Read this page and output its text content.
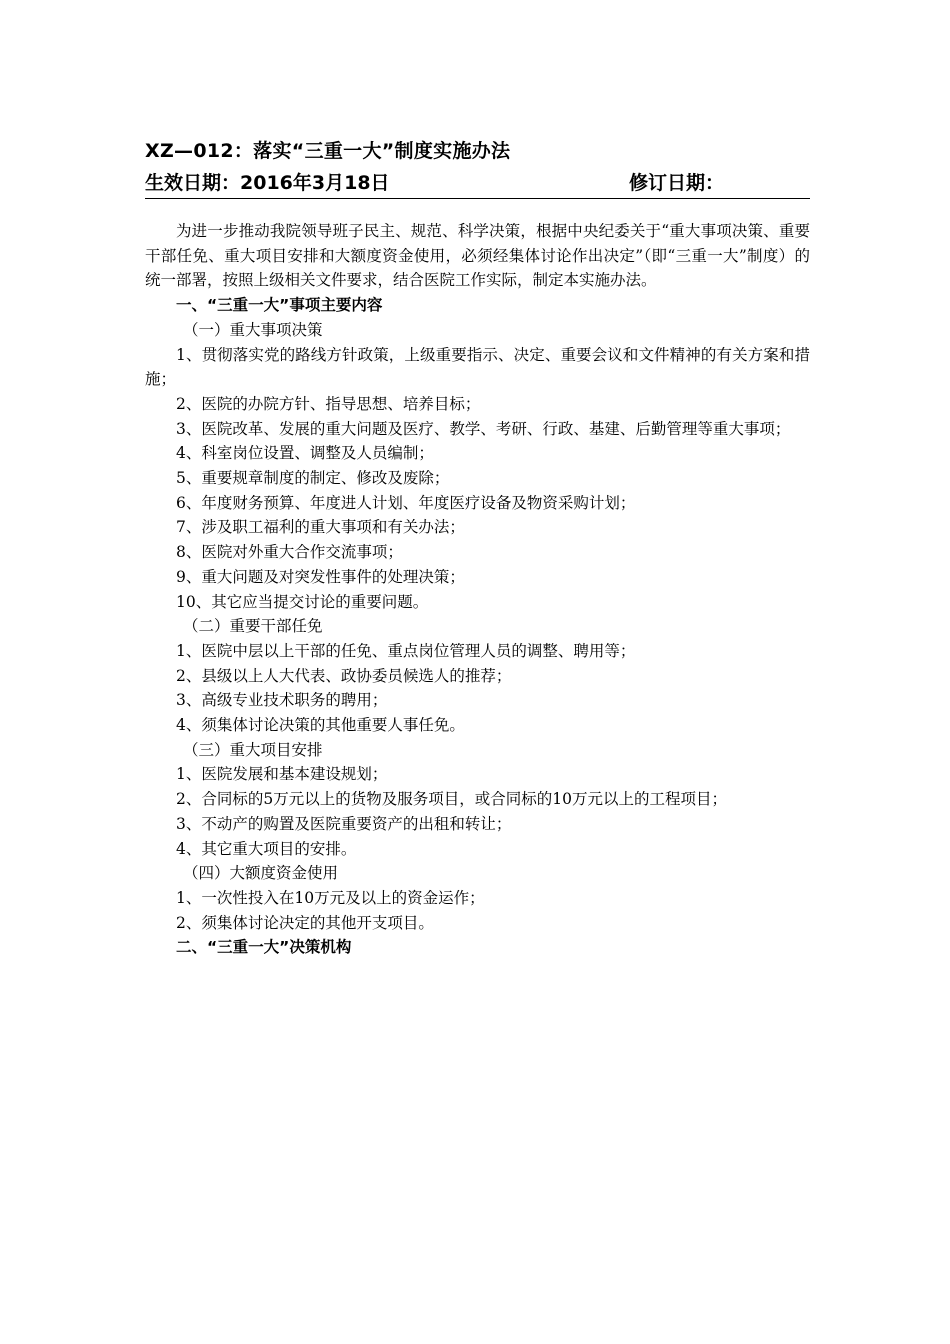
XZ—012：落实“三重一大”制度实施办法
生效日期：2016年3月18日	修订日期：

为进一步推动我院领导班子民主、规范、科学决策，根据中央纪委关于“重大事项决策、重要干部任免、重大项目安排和大额度资金使用，必须经集体讨论作出决定”（即“三重一大”制度）的统一部署，按照上级相关文件要求，结合医院工作实际，制定本实施办法。

一、“三重一大”事项主要内容

（一）重大事项决策

1、贯彻落实党的路线方针政策，上级重要指示、决定、重要会议和文件精神的有关方案和措施；

2、医院的办院方针、指导思想、培养目标；

3、医院改革、发展的重大问题及医疗、教学、考研、行政、基建、后勤管理等重大事项；

4、科室岗位设置、调整及人员编制；

5、重要规章制度的制定、修改及废除；

6、年度财务预算、年度进人计划、年度医疗设备及物资采购计划；

7、涉及职工福利的重大事项和有关办法；

8、医院对外重大合作交流事项；

9、重大问题及对突发性事件的处理决策；

10、其它应当提交讨论的重要问题。

（二）重要干部任免

1、医院中层以上干部的任免、重点岗位管理人员的调整、聘用等；

2、县级以上人大代表、政协委员候选人的推荐；

3、高级专业技术职务的聘用；

4、须集体讨论决策的其他重要人事任免。

（三）重大项目安排

1、医院发展和基本建设规划；

2、合同标的5万元以上的货物及服务项目，或合同标的10万元以上的工程项目；

3、不动产的购置及医院重要资产的出租和转让；

4、其它重大项目的安排。

（四）大额度资金使用

1、一次性投入在10万元及以上的资金运作；

2、须集体讨论决定的其他开支项目。

二、“三重一大”决策机构
